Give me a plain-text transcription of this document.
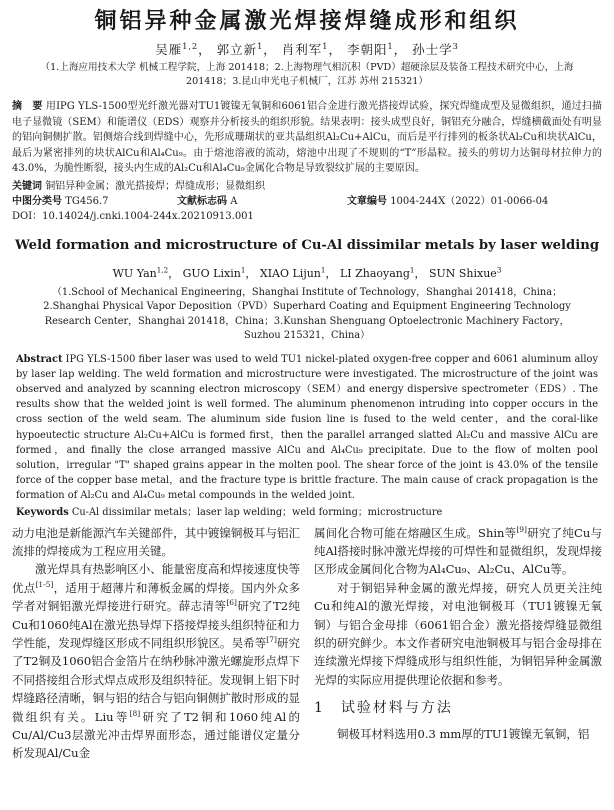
铜铝异种金属激光焊接焊缝成形和组织
吴雁$^{1,2}$， 郭立新$^1$， 肖利军$^1$， 李朝阳$^1$， 孙士学$^3$
（1.上海应用技术大学 机械工程学院，上海 201418；2.上海物理气相沉积（PVD）超硬涂层及装备工程技术研究中心，上海 201418；3.昆山申光电子机械厂，江苏 苏州 215321）
摘　要 用IPG YLS-1500型光纤激光器对TU1镀镍无氧铜和6061铝合金进行激光搭接焊试验，探究焊缝成型及显微组织，通过扫描电子显微镜（SEM）和能谱仪（EDS）观察并分析接头的组织形貌。结果表明：接头成型良好，铜铝充分融合，焊缝横截面处有明显的铝向铜侧扩散。铝侧熔合线到焊缝中心，先形成珊瑚状的亚共晶组织Al₂Cu+AlCu，而后是平行排列的板条状Al₂Cu和块状AlCu，最后为紧密排列的块状AlCu和Al₄Cu₉。由于熔池溶液的流动，熔池中出现了不规则的“T”形晶粒。接头的剪切力达铜母材拉伸力的43.0%，为脆性断裂，接头内生成的Al₂Cu和Al₄Cu₉金属化合物是导致裂纹扩展的主要原因。
关键词 铜铝异种金属；激光搭接焊；焊缝成形；显微组织
中图分类号 TG456.7	文献标志码 A	文章编号 1004-244X（2022）01-0066-04
DOI：10.14024/j.cnki.1004-244x.20210913.001
Weld formation and microstructure of Cu-Al dissimilar metals by laser welding
WU Yan$^{1,2}$， GUO Lixin$^1$， XIAO Lijun$^1$， LI Zhaoyang$^1$， SUN Shixue$^3$
（1.School of Mechanical Engineering，Shanghai Institute of Technology，Shanghai 201418，China；2.Shanghai Physical Vapor Deposition（PVD）Superhard Coating and Equipment Engineering Technology Research Center，Shanghai 201418，China；3.Kunshan Shenguang Optoelectronic Machinery Factory，Suzhou 215321，China）
Abstract IPG YLS-1500 fiber laser was used to weld TU1 nickel-plated oxygen-free copper and 6061 aluminum alloy by laser lap welding. The weld formation and microstructure were investigated. The microstructure of the joint was observed and analyzed by scanning electron microscopy（SEM）and energy dispersive spectrometer（EDS）. The results show that the welded joint is well formed. The aluminum phenomenon intruding into copper occurs in the cross section of the weld seam. The aluminum side fusion line is fused to the weld center，and the coral-like hypoeutectic structure Al₂Cu+AlCu is formed first，then the parallel arranged slatted Al₂Cu and massive AlCu are formed，and finally the close arranged massive AlCu and Al₄Cu₉ precipitate. Due to the flow of molten pool solution，irregular "T" shaped grains appear in the molten pool. The shear force of the joint is 43.0% of the tensile force of the copper base metal，and the fracture type is brittle fracture. The main cause of crack propagation is the formation of Al₂Cu and Al₄Cu₉ metal compounds in the welded joint.
Keywords Cu-Al dissimilar metals；laser lap welding；weld forming；microstructure

动力电池是新能源汽车关键部件，其中镀镍铜极耳与铝汇流排的焊接成为工程应用关键。

激光焊具有热影响区小、能量密度高和焊接速度快等优点[1-5]，适用于超薄片和薄板金属的焊接。国内外众多学者对铜铝激光焊接进行研究。薛志清等[6]研究了T2纯Cu和1060纯Al在激光热导焊下搭接焊接头组织特征和力学性能，发现焊缝区形成不同组织形貌区。吴希等[7]研究了T2铜及1060铝合金箔片在纳秒脉冲激光螺旋形点焊下不同搭接组合形式焊点成形及组织特征。发现铜上铝下时焊缝路径清晰，铜与铝的结合与铝向铜侧扩散时形成的显微组织有关。Liu等[8]研究了T2铜和1060纯Al的Cu/Al/Cu3层激光冲击焊界面形态，通过能谱仪定量分析发现Al/Cu金

属间化合物可能在熔融区生成。Shin等[9]研究了纯Cu与纯Al搭接时脉冲激光焊接的可焊性和显微组织，发现焊接区形成金属间化合物为Al₄Cu₉、Al₂Cu、AlCu等。

对于铜铝异种金属的激光焊接，研究人员更关注纯Cu和纯Al的激光焊接，对电池铜极耳（TU1镀镍无氧铜）与铝合金母排（6061铝合金）激光搭接焊缝显微组织的研究鲜少。本文作者研究电池铜极耳与铝合金母排在连续激光焊接下焊缝成形与组织性能，为铜铝异种金属激光焊的实际应用提供理论依据和参考。

1　 试验材料与方法

铜极耳材料选用0.3 mm厚的TU1镀镍无氧铜，铝
